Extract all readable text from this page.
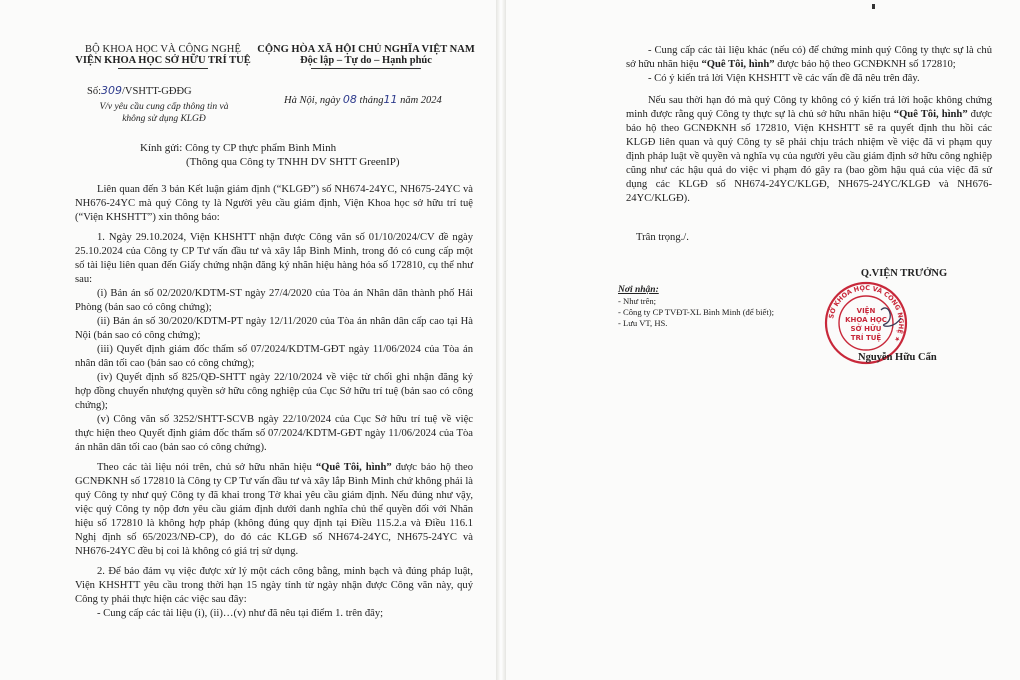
BỘ KHOA HỌC VÀ CÔNG NGHỆ
VIỆN KHOA HỌC SỞ HỮU TRÍ TUỆ
CỘNG HÒA XÃ HỘI CHỦ NGHĨA VIỆT NAM
Độc lập – Tự do – Hạnh phúc
Số:309/VSHTT-GĐĐG
V/v yêu cầu cung cấp thông tin và
không sử dụng KLGĐ
Hà Nội, ngày 08 tháng11 năm 2024
Kính gửi: Công ty CP thực phẩm Bình Minh
(Thông qua Công ty TNHH DV SHTT GreenIP)

Liên quan đến 3 bản Kết luận giám định (“KLGĐ”) số NH674-24YC, NH675-24YC và NH676-24YC mà quý Công ty là Người yêu cầu giám định, Viện Khoa học sở hữu trí tuệ (“Viện KHSHTT”) xin thông báo:

1. Ngày 29.10.2024, Viện KHSHTT nhận được Công văn số 01/10/2024/CV đề ngày 25.10.2024 của Công ty CP Tư vấn đầu tư và xây lắp Bình Minh, trong đó có cung cấp một số tài liệu liên quan đến Giấy chứng nhận đăng ký nhãn hiệu hàng hóa số 172810, cụ thể như sau:

(i) Bản án số 02/2020/KDTM-ST ngày 27/4/2020 của Tòa án Nhân dân thành phố Hải Phòng (bản sao có công chứng);

(ii) Bản án số 30/2020/KDTM-PT ngày 12/11/2020 của Tòa án nhân dân cấp cao tại Hà Nội (bản sao có công chứng);

(iii) Quyết định giám đốc thẩm số 07/2024/KDTM-GĐT ngày 11/06/2024 của Tòa án nhân dân tối cao (bản sao có công chứng);

(iv) Quyết định số 825/QĐ-SHTT ngày 22/10/2024 về việc từ chối ghi nhận đăng ký hợp đồng chuyển nhượng quyền sở hữu công nghiệp của Cục Sở hữu trí tuệ (bản sao có công chứng);

(v) Công văn số 3252/SHTT-SCVB ngày 22/10/2024 của Cục Sở hữu trí tuệ về việc thực hiện theo Quyết định giám đốc thẩm số 07/2024/KDTM-GĐT ngày 11/06/2024 của Tòa án nhân dân tối cao (bản sao có công chứng).

Theo các tài liệu nói trên, chủ sở hữu nhãn hiệu “Quê Tôi, hình” được bảo hộ theo GCNĐKNH số 172810 là Công ty CP Tư vấn đầu tư và xây lắp Bình Minh chứ không phải là quý Công ty như quý Công ty đã khai trong Tờ khai yêu cầu giám định. Nếu đúng như vậy, việc quý Công ty nộp đơn yêu cầu giám định dưới danh nghĩa chủ thể quyền đối với Nhãn hiệu số 172810 là không hợp pháp (không đúng quy định tại Điều 115.2.a và Điều 116.1 Nghị định số 65/2023/NĐ-CP), do đó các KLGĐ số NH674-24YC, NH675-24YC và NH676-24YC đều bị coi là không có giá trị sử dụng.

2. Để bảo đảm vụ việc được xử lý một cách công bằng, minh bạch và đúng pháp luật, Viện KHSHTT yêu cầu trong thời hạn 15 ngày tính từ ngày nhận được Công văn này, quý Công ty phải thực hiện các việc sau đây:

- Cung cấp các tài liệu (i), (ii)…(v) như đã nêu tại điểm 1. trên đây;

- Cung cấp các tài liệu khác (nếu có) để chứng minh quý Công ty thực sự là chủ sở hữu nhãn hiệu “Quê Tôi, hình” được bảo hộ theo GCNĐKNH số 172810;

- Có ý kiến trả lời Viện KHSHTT về các vấn đề đã nêu trên đây.

Nếu sau thời hạn đó mà quý Công ty không có ý kiến trả lời hoặc không chứng minh được rằng quý Công ty thực sự là chủ sở hữu nhãn hiệu “Quê Tôi, hình” được bảo hộ theo GCNĐKNH số 172810, Viện KHSHTT sẽ ra quyết định thu hồi các KLGĐ liên quan và quý Công ty sẽ phải chịu trách nhiệm về việc đã vi phạm quy định pháp luật về quyền và nghĩa vụ của người yêu cầu giám định sở hữu công nghiệp cũng như các hậu quả do việc vi phạm đó gây ra (bao gồm hậu quả của việc đã sử dụng các KLGĐ số NH674-24YC/KLGĐ, NH675-24YC/KLGĐ và NH676-24YC/KLGĐ).

Trân trọng./.
Nơi nhận:
- Như trên;
- Công ty CP TVĐT-XL Bình Minh (để biết);
- Lưu VT, HS.
Q.VIỆN TRƯỞNG
SỞ KHOA HỌC VÀ CÔNG NGHỆ ★
VIỆN
KHOA HỌC
SỞ HỮU
TRÍ TUỆ
Nguyễn Hữu Cẩn
